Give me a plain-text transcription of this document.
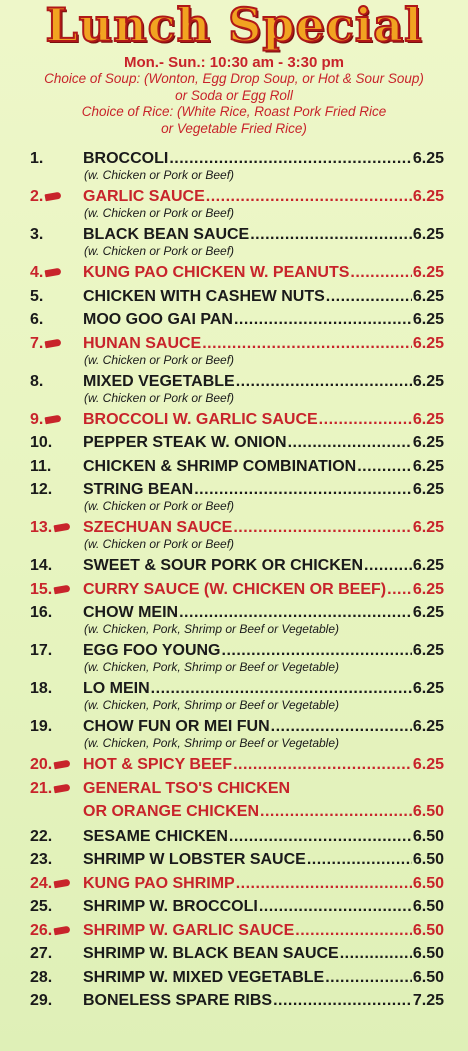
Lunch Special
Mon.- Sun.: 10:30 am - 3:30 pm
Choice of Soup: (Wonton, Egg Drop Soup, or Hot & Sour Soup)
or Soda or Egg Roll
Choice of Rice: (White Rice, Roast Pork Fried Rice
or Vegetable Fried Rice)
1.	BROCCOLI .....	6.25
(w. Chicken or Pork or Beef)
2.	GARLIC SAUCE .....	6.25
(w. Chicken or Pork or Beef)
3.	BLACK BEAN SAUCE .....	6.25
(w. Chicken or Pork or Beef)
4.	KUNG PAO CHICKEN W. PEANUTS .....	6.25
5.	CHICKEN WITH CASHEW NUTS .....	6.25
6.	MOO GOO GAI PAN .....	6.25
7.	HUNAN SAUCE .....	6.25
(w. Chicken or Pork or Beef)
8.	MIXED VEGETABLE .....	6.25
(w. Chicken or Pork or Beef)
9.	BROCCOLI W. GARLIC SAUCE .....	6.25
10.	PEPPER STEAK W. ONION .....	6.25
11.	CHICKEN & SHRIMP COMBINATION .....	6.25
12.	STRING BEAN .....	6.25
(w. Chicken or Pork or Beef)
13.	SZECHUAN SAUCE .....	6.25
(w. Chicken or Pork or Beef)
14.	SWEET & SOUR PORK OR CHICKEN .....	6.25
15.	CURRY SAUCE (W. CHICKEN OR BEEF) ..... 6.25
16.	CHOW MEIN .....	6.25
(w. Chicken, Pork, Shrimp or Beef or Vegetable)
17.	EGG FOO YOUNG .....	6.25
(w. Chicken, Pork, Shrimp or Beef or Vegetable)
18.	LO MEIN .....	6.25
(w. Chicken, Pork, Shrimp or Beef or Vegetable)
19.	CHOW FUN OR MEI FUN .....	6.25
(w. Chicken, Pork, Shrimp or Beef or Vegetable)
20.	HOT & SPICY BEEF .....	6.25
21.	GENERAL TSO'S CHICKEN
OR ORANGE CHICKEN .....	6.50
22.	SESAME CHICKEN .....	6.50
23.	SHRIMP W LOBSTER SAUCE .....	6.50
24.	KUNG PAO SHRIMP .....	6.50
25.	SHRIMP W. BROCCOLI .....	6.50
26.	SHRIMP W. GARLIC SAUCE .....	6.50
27.	SHRIMP W. BLACK BEAN SAUCE .....	6.50
28.	SHRIMP W. MIXED VEGETABLE .....	6.50
29.	BONELESS SPARE RIBS .....	7.25
